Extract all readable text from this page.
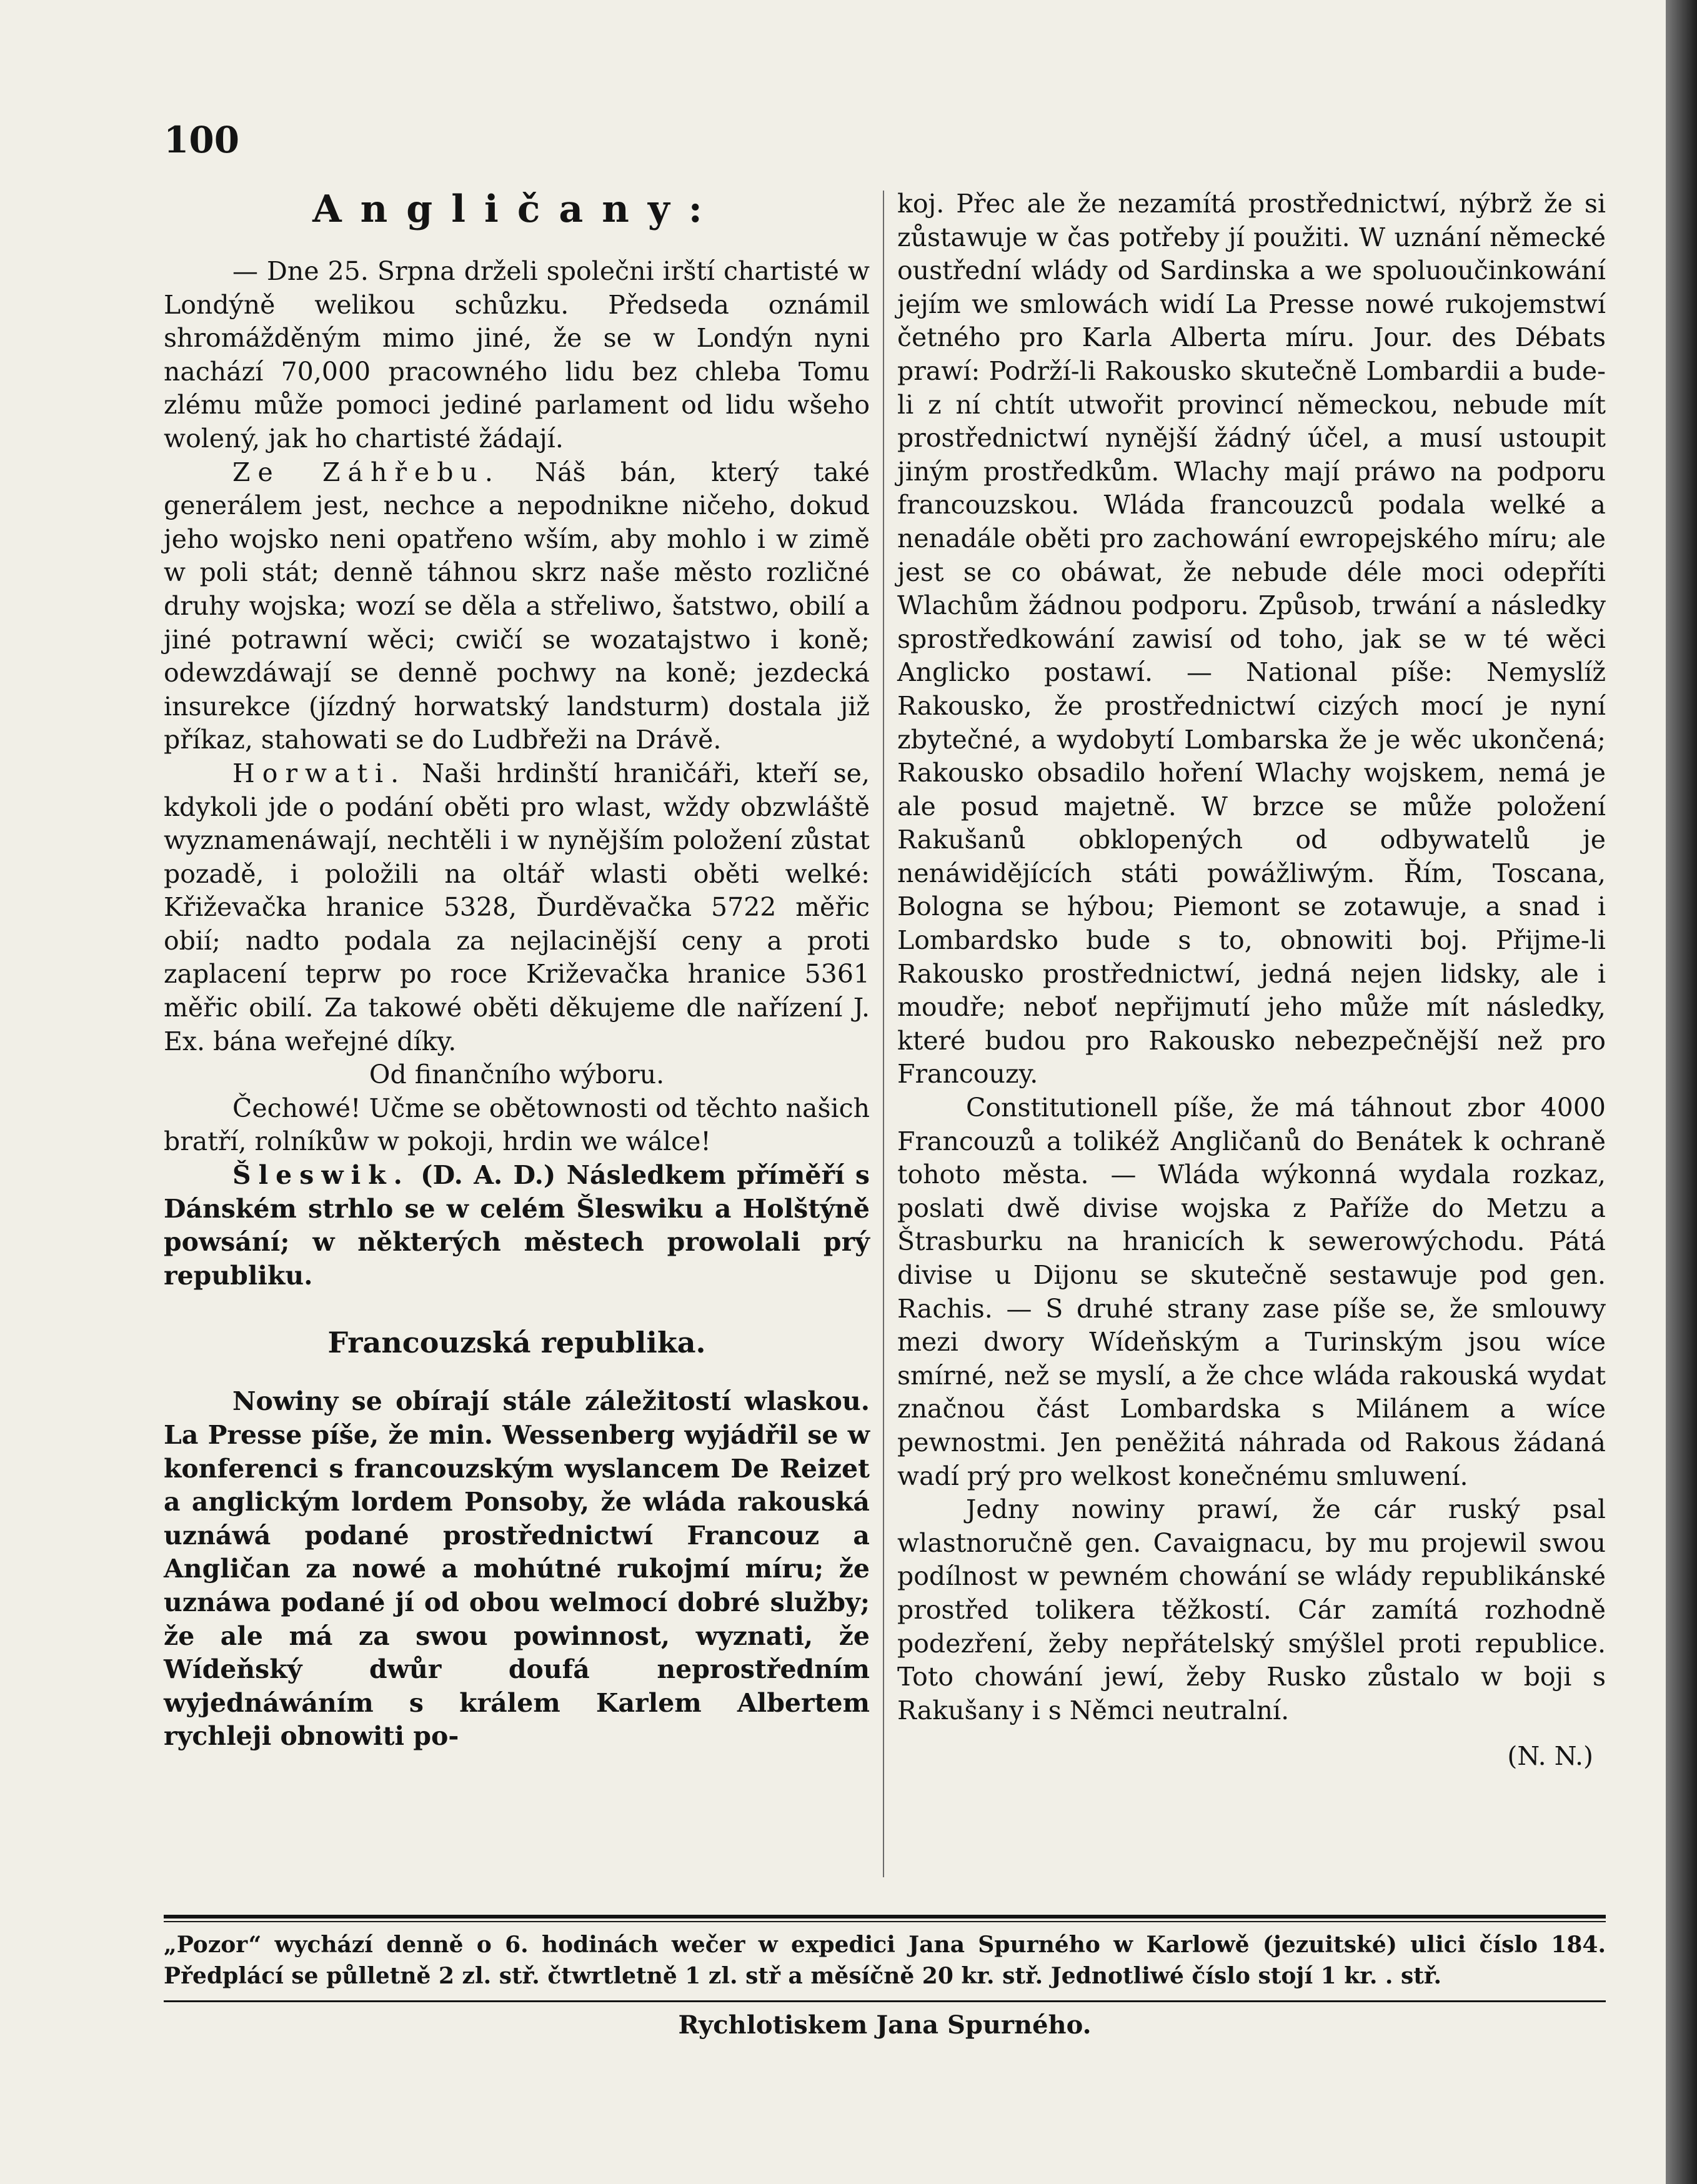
100
Angličany:

— Dne 25. Srpna drželi společni irští chartisté w Londýně welikou schůzku. Předseda oznámil shromážděným mimo jiné, že se w Londýn nyni nachází 70,000 pracowného lidu bez chleba Tomu zlému může pomoci jediné parlament od lidu wšeho wolený, jak ho chartisté žádají.

Ze Záhřebu. Náš bán, který také generálem jest, nechce a nepodnikne ničeho, dokud jeho wojsko neni opatřeno wším, aby mohlo i w zimě w poli stát; denně táhnou skrz naše město rozličné druhy wojska; wozí se děla a střeliwo, šatstwo, obilí a jiné potrawní wěci; cwičí se wozatajstwo i koně; odewzdáwají se denně pochwy na koně; jezdecká insurekce (jízdný horwatský landsturm) dostala již příkaz, stahowati se do Ludbřeži na Drávě.

Horwati. Naši hrdinští hraničáři, kteří se, kdykoli jde o podání oběti pro wlast, wždy obzwláště wyznamenáwají, nechtěli i w nynějším položení zůstat pozadě, i položili na oltář wlasti oběti welké: Křiževačka hranice 5328, Ďurděvačka 5722 měřic obií; nadto podala za nejlacinější ceny a proti zaplacení teprw po roce Križevačka hranice 5361 měřic obilí. Za takowé oběti děkujeme dle nařízení J. Ex. bána weřejné díky.

Od finančního wýboru.

Čechowé! Učme se obětownosti od těchto našich bratří, rolníkůw w pokoji, hrdin we wálce!

Šleswik. (D. A. D.) Následkem příměří s Dánském strhlo se w celém Šleswiku a Holštýně powsání; w některých městech prowolali prý republiku.

Francouzská republika.

Nowiny se obírají stále záležitostí wlaskou. La Presse píše, že min. Wessenberg wyjádřil se w konferenci s francouzským wyslancem De Reizet a anglickým lordem Ponsoby, že wláda rakouská uznáwá podané prostřednictwí Francouz a Angličan za nowé a mohútné rukojmí míru; že uznáwa podané jí od obou welmocí dobré služby; že ale má za swou powinnost, wyznati, že Wídeňský dwůr doufá neprostředním wyjednáwáním s králem Karlem Albertem rychleji obnowiti po-

koj. Přec ale že nezamítá prostřednictwí, nýbrž že si zůstawuje w čas potřeby jí použiti. W uznání německé oustřední wlády od Sardinska a we spoluoučinkowání jejím we smlowách widí La Presse nowé rukojemstwí četného pro Karla Alberta míru. Jour. des Débats prawí: Podrží-li Rakousko skutečně Lombardii a bude-li z ní chtít utwořit provincí německou, nebude mít prostřednictwí nynější žádný účel, a musí ustoupit jiným prostředkům. Wlachy mají práwo na podporu francouzskou. Wláda francouzců podala welké a nenadále oběti pro zachowání ewropejského míru; ale jest se co obáwat, že nebude déle moci odepříti Wlachům žádnou podporu. Způsob, trwání a následky sprostředkowání zawisí od toho, jak se w té wěci Anglicko postawí. — National píše: Nemyslíž Rakousko, že prostřednictwí cizých mocí je nyní zbytečné, a wydobytí Lombarska že je wěc ukončená; Rakousko obsadilo hoření Wlachy wojskem, nemá je ale posud majetně. W brzce se může položení Rakušanů obklopených od odbywatelů je nenáwidějících státi powážliwým. Řím, Toscana, Bologna se hýbou; Piemont se zotawuje, a snad i Lombardsko bude s to, obnowiti boj. Přijme-li Rakousko prostřednictwí, jedná nejen lidsky, ale i moudře; neboť nepřijmutí jeho může mít následky, které budou pro Rakousko nebezpečnější než pro Francouzy.

Constitutionell píše, že má táhnout zbor 4000 Francouzů a tolikéž Angličanů do Benátek k ochraně tohoto města. — Wláda wýkonná wydala rozkaz, poslati dwě divise wojska z Paříže do Metzu a Štrasburku na hranicích k sewerowýchodu. Pátá divise u Dijonu se skutečně sestawuje pod gen. Rachis. — S druhé strany zase píše se, že smlouwy mezi dwory Wídeňským a Turinským jsou wíce smírné, než se myslí, a že chce wláda rakouská wydat značnou část Lombardska s Milánem a wíce pewnostmi. Jen peněžitá náhrada od Rakous žádaná wadí prý pro welkost konečnému smluwení.

Jedny nowiny prawí, že cár ruský psal wlastnoručně gen. Cavaignacu, by mu projewil swou podílnost w pewném chowání se wlády republikánské prostřed tolikera těžkostí. Cár zamítá rozhodně podezření, žeby nepřátelský smýšlel proti republice. Toto chowání jewí, žeby Rusko zůstalo w boji s Rakušany i s Němci neutralní.

(N. N.)

„Pozor“ wychází denně o 6. hodinách wečer w expedici Jana Spurného w Karlowě (jezuitské) ulici číslo 184. Předplácí se půlletně 2 zl. stř. čtwrtletně 1 zl. stř a měsíčně 20 kr. stř. Jednotliwé číslo stojí 1 kr. . stř.
Rychlotiskem Jana Spurného.
